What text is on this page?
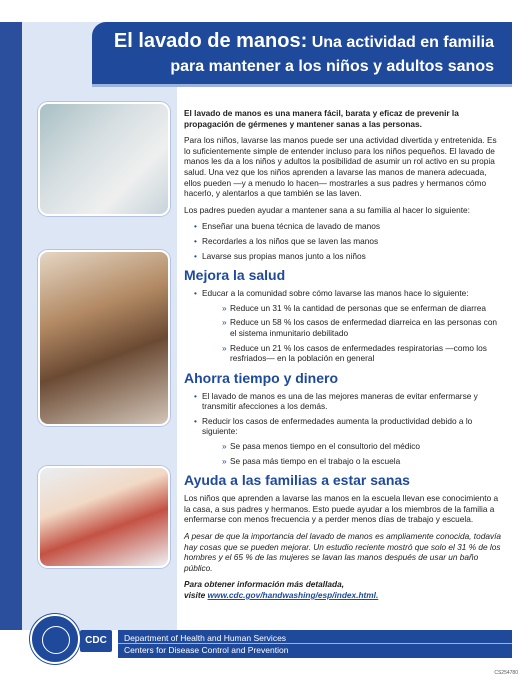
El lavado de manos: Una actividad en familia
para mantener a los niños y adultos sanos

El lavado de manos es una manera fácil, barata y eficaz de prevenir la propagación de gérmenes y mantener sanas a las personas.

Para los niños, lavarse las manos puede ser una actividad divertida y entretenida. Es lo suficientemente simple de entender incluso para los niños pequeños. El lavado de manos les da a los niños y adultos la posibilidad de asumir un rol activo en su propia salud. Una vez que los niños aprenden a lavarse las manos de manera adecuada, ellos pueden —y a menudo lo hacen— mostrarles a sus padres y hermanos cómo hacerlo, y alentarlos a que también se las laven.

Los padres pueden ayudar a mantener sana a su familia al hacer lo siguiente:

• Enseñar una buena técnica de lavado de manos
• Recordarles a los niños que se laven las manos
• Lavarse sus propias manos junto a los niños
Mejora la salud
• Educar a la comunidad sobre cómo lavarse las manos hace lo siguiente:
» Reduce un 31 % la cantidad de personas que se enferman de diarrea
» Reduce un 58 % los casos de enfermedad diarreica en las personas con el sistema inmunitario debilitado
» Reduce un 21 % los casos de enfermedades respiratorias —como los resfriados— en la población en general
Ahorra tiempo y dinero
• El lavado de manos es una de las mejores maneras de evitar enfermarse y transmitir afecciones a los demás.
• Reducir los casos de enfermedades aumenta la productividad debido a lo siguiente:
» Se pasa menos tiempo en el consultorio del médico
» Se pasa más tiempo en el trabajo o la escuela
Ayuda a las familias a estar sanas

Los niños que aprenden a lavarse las manos en la escuela llevan ese conocimiento a la casa, a sus padres y hermanos. Esto puede ayudar a los miembros de la familia a enfermarse con menos frecuencia y a perder menos días de trabajo y escuela.

A pesar de que la importancia del lavado de manos es ampliamente conocida, todavía hay cosas que se pueden mejorar. Un estudio reciente mostró que solo el 31 % de los hombres y el 65 % de las mujeres se lavan las manos después de usar un baño público.

Para obtener información más detallada,
visite www.cdc.gov/handwashing/esp/index.html.

CDC	Department of Health and Human Services
Centers for Disease Control and Prevention
CS254780
